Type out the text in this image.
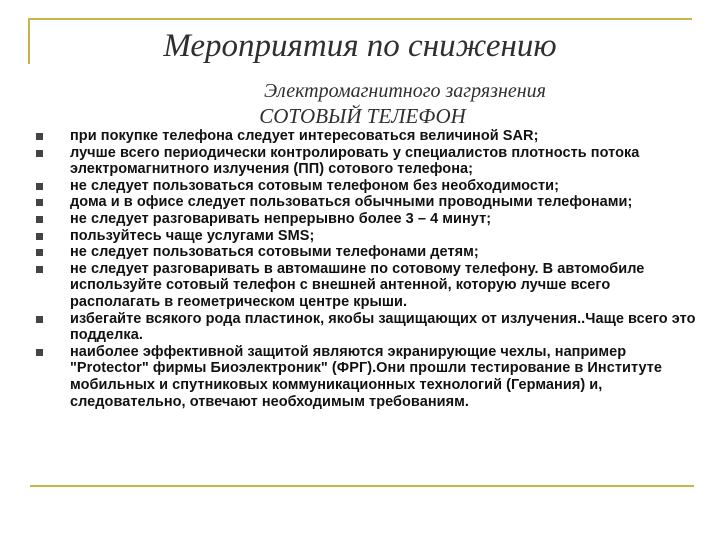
Мероприятия по снижению
Электромагнитного загрязнения
СОТОВЫЙ ТЕЛЕФОН
при покупке телефона следует интересоваться величиной SAR;
лучше всего периодически контролировать у специалистов плотность потока электромагнитного излучения (ПП) сотового телефона;
не следует пользоваться сотовым телефоном без необходимости;
дома и в офисе следует пользоваться обычными проводными телефонами;
не следует разговаривать непрерывно более 3 – 4 минут;
пользуйтесь чаще услугами SMS;
не следует пользоваться сотовыми телефонами детям;
не следует разговаривать в автомашине по сотовому телефону. В автомобиле используйте сотовый телефон с внешней антенной, которую лучше всего располагать в геометрическом центре крыши.
избегайте всякого рода пластинок, якобы защищающих от излучения..Чаще всего это подделка.
наиболее эффективной защитой являются экранирующие чехлы, например "Protector" фирмы Биоэлектроник" (ФРГ).Они прошли тестирование в Институте мобильных и спутниковых коммуникационных технологий (Германия) и, следовательно, отвечают необходимым требованиям.
